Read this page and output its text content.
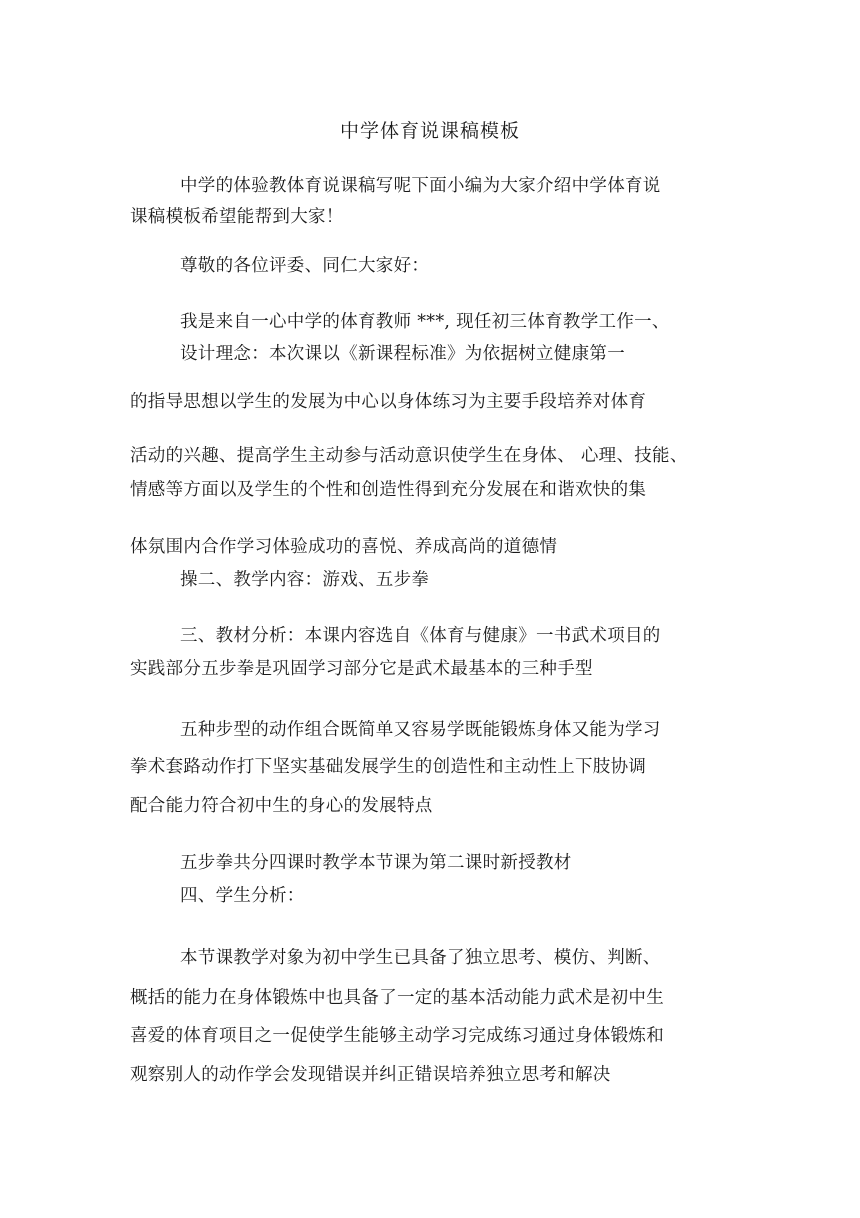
中学体育说课稿模板
中学的体验教体育说课稿写呢下面小编为大家介绍中学体育说
课稿模板希望能帮到大家！
尊敬的各位评委、同仁大家好：
我是来自一心中学的体育教师 ***, 现任初三体育教学工作一、
设计理念：本次课以《新课程标准》为依据树立健康第一
的指导思想以学生的发展为中心以身体练习为主要手段培养对体育
活动的兴趣、提高学生主动参与活动意识使学生在身体、 心理、技能、
情感等方面以及学生的个性和创造性得到充分发展在和谐欢快的集
体氛围内合作学习体验成功的喜悦、养成高尚的道德情
操二、教学内容：游戏、五步拳
三、教材分析：本课内容选自《体育与健康》一书武术项目的
实践部分五步拳是巩固学习部分它是武术最基本的三种手型
五种步型的动作组合既简单又容易学既能锻炼身体又能为学习
拳术套路动作打下坚实基础发展学生的创造性和主动性上下肢协调
配合能力符合初中生的身心的发展特点
五步拳共分四课时教学本节课为第二课时新授教材
四、学生分析：
本节课教学对象为初中学生已具备了独立思考、模仿、判断、
概括的能力在身体锻炼中也具备了一定的基本活动能力武术是初中生
喜爱的体育项目之一促使学生能够主动学习完成练习通过身体锻炼和
观察别人的动作学会发现错误并纠正错误培养独立思考和解决
